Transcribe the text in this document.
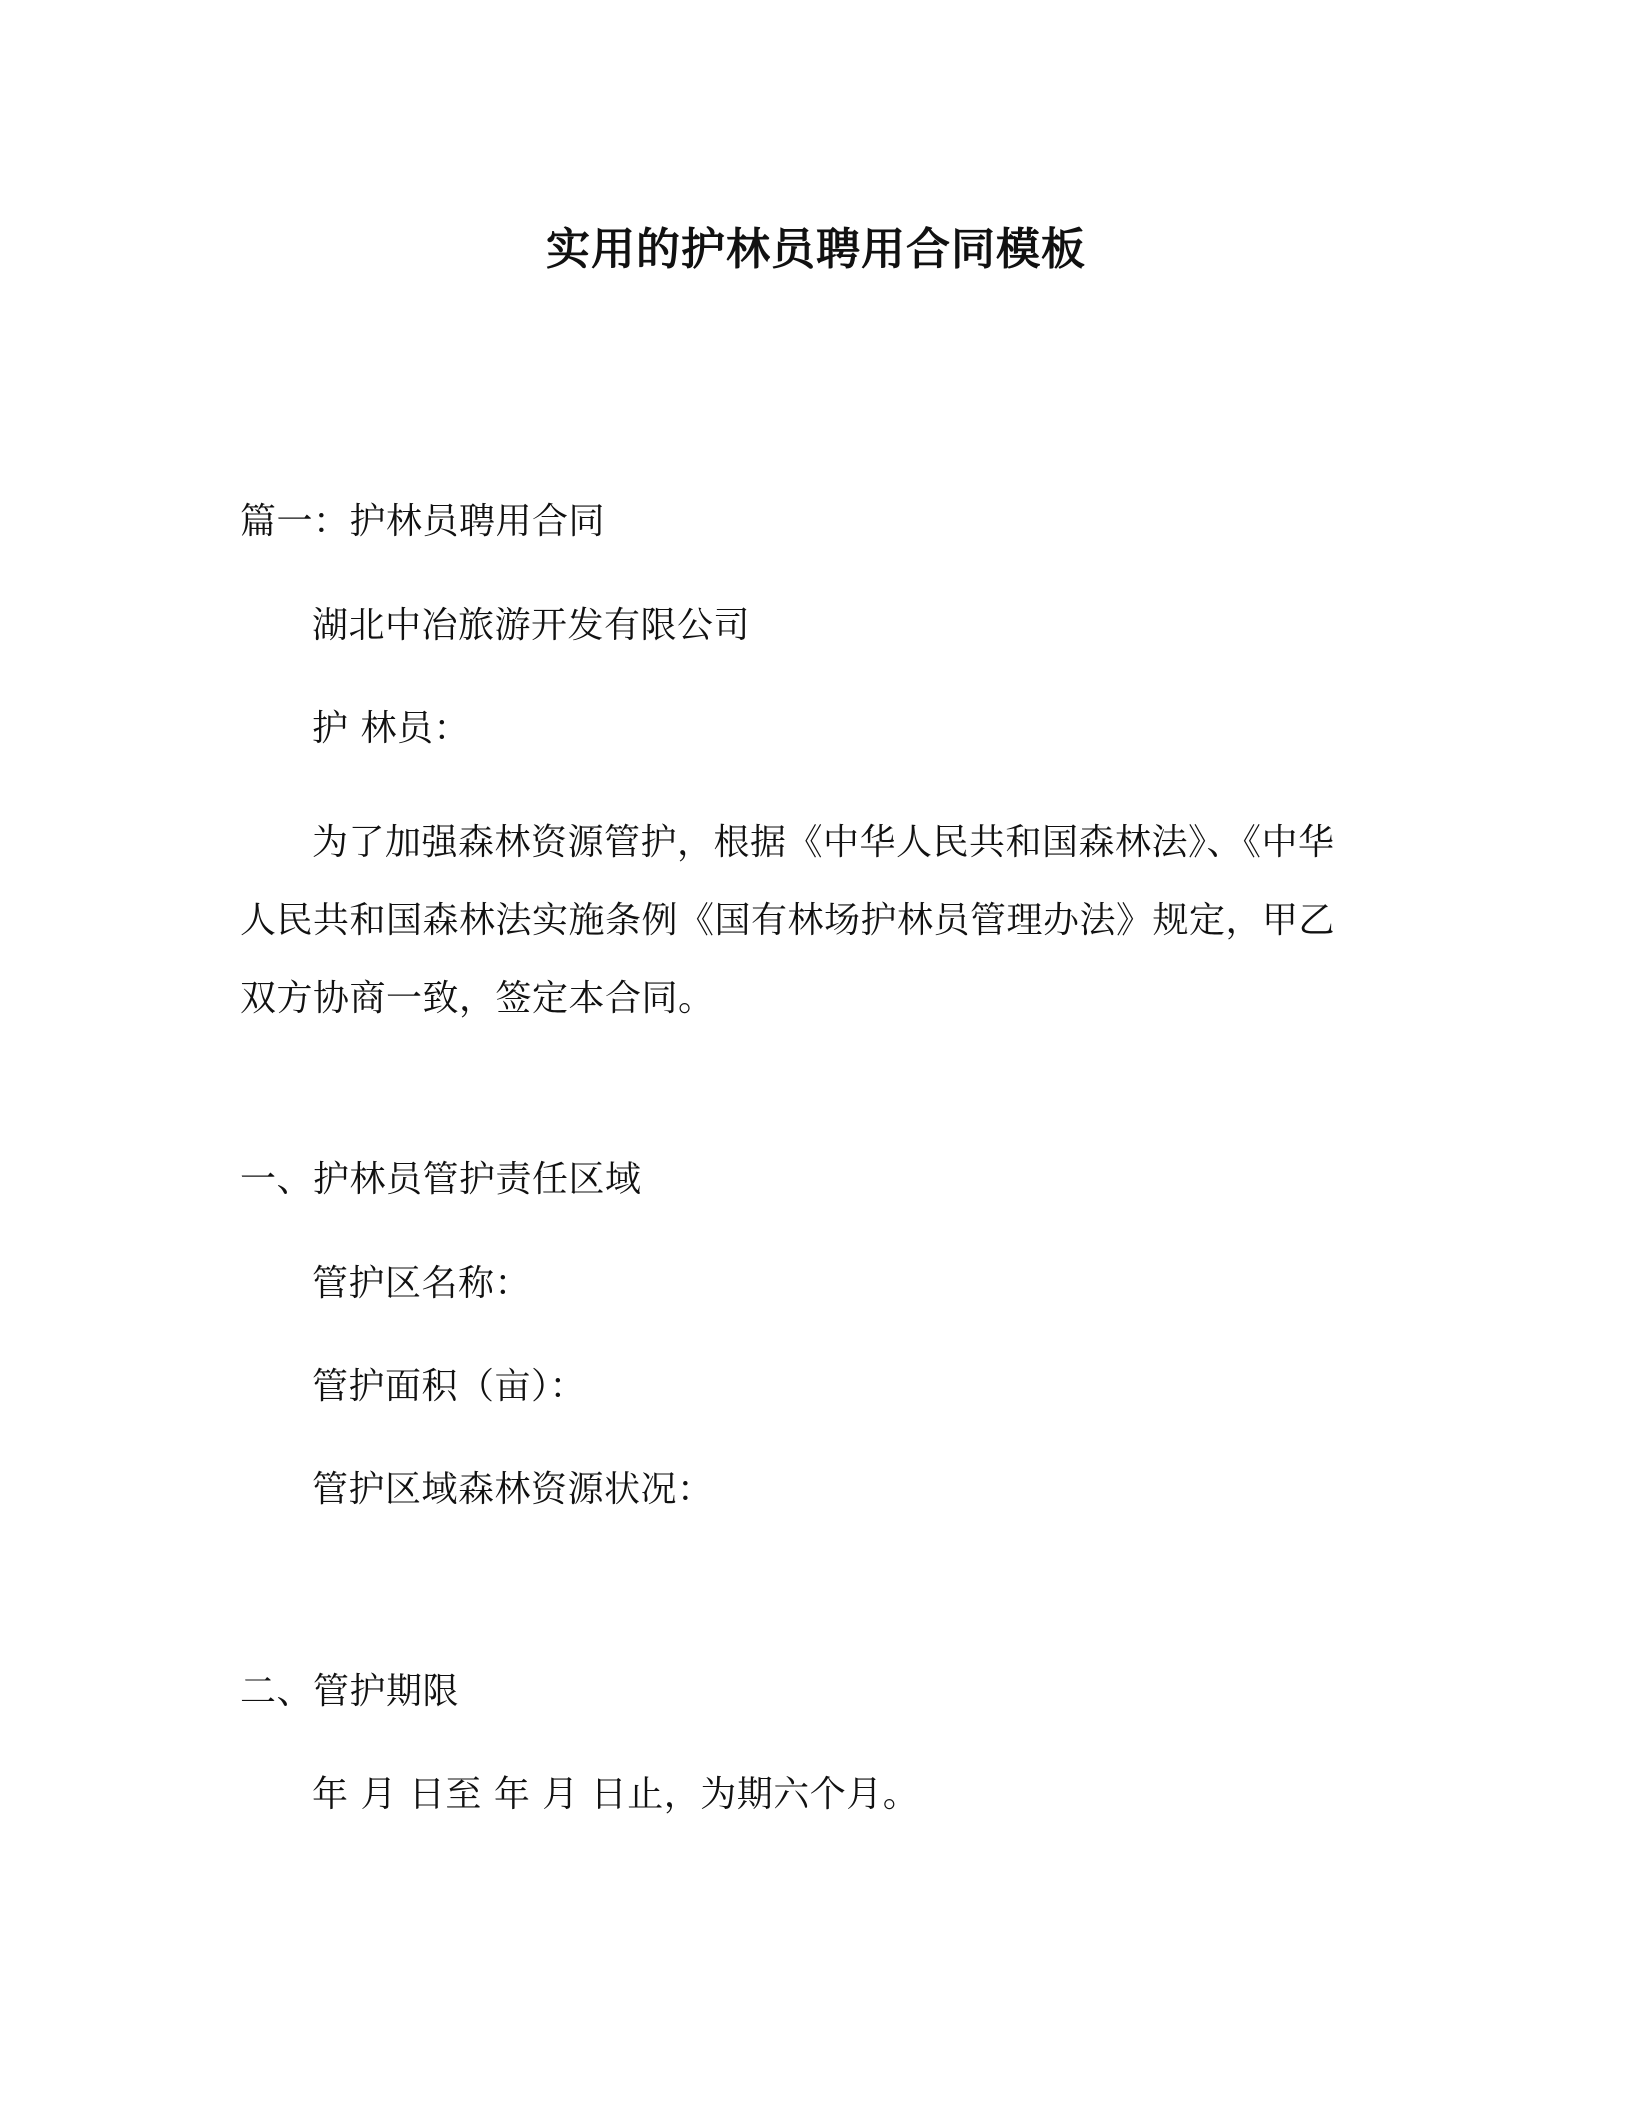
实用的护林员聘用合同模板
篇一：护林员聘用合同
湖北中冶旅游开发有限公司
护 林员：
为了加强森林资源管护，根据《中华人民共和国森林法》、《中华人民共和国森林法实施条例《国有林场护林员管理办法》规定，甲乙双方协商一致，签定本合同。
一、护林员管护责任区域
管护区名称：
管护面积（亩）：
管护区域森林资源状况：
二、管护期限
年 月 日至 年 月 日止，为期六个月。
